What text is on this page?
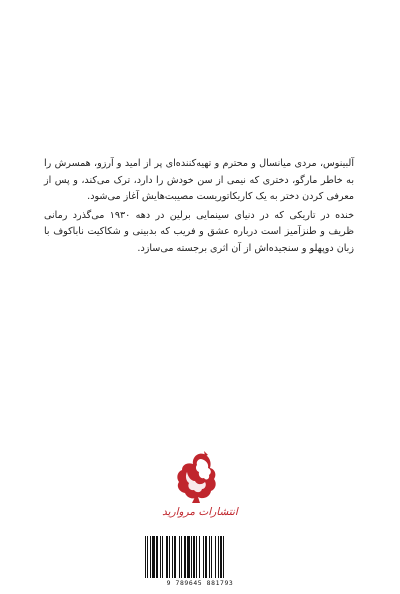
آلبینوس، مردی میانسال و محترم و تهیه‌کننده‌ای پر از امید و آرزو، همسرش را به خاطر مارگو، دختری که نیمی از سن خودش را دارد، ترک می‌کند، و پس از معرفی کردن دختر به یک کاریکاتوریست مصیبت‌هایش آغاز می‌شود.

خنده در تاریکی که در دنیای سینمایی برلین در دهه ۱۹۳۰ می‌گذرد رمانی ظریف و طنزآمیز است درباره عشق و فریب که بدبینی و شکاکیت ناباکوف با زبان دوپهلو و سنجیده‌اش از آن اثری برجسته می‌سازد.

انتشارات مروارید
9 789645 881793
